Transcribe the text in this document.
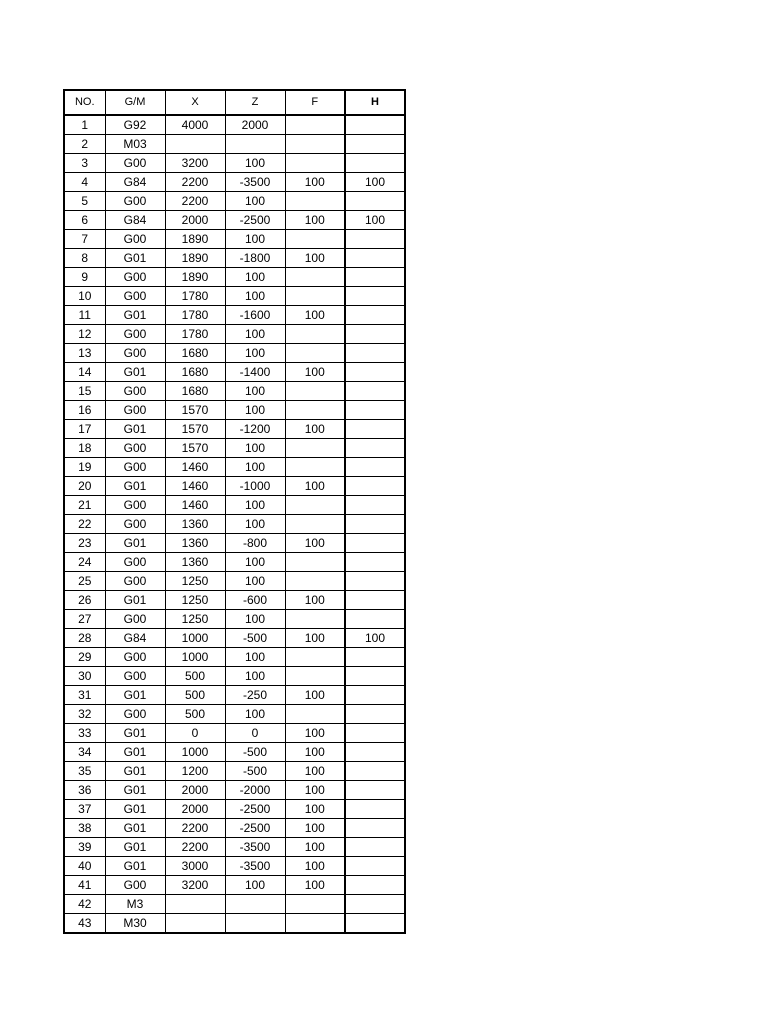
NO.	G/M	X	Z	F	H
1	G92	4000	2000		
2	M03				
3	G00	3200	100		
4	G84	2200	-3500	100	100
5	G00	2200	100		
6	G84	2000	-2500	100	100
7	G00	1890	100		
8	G01	1890	-1800	100	
9	G00	1890	100		
10	G00	1780	100		
11	G01	1780	-1600	100	
12	G00	1780	100		
13	G00	1680	100		
14	G01	1680	-1400	100	
15	G00	1680	100		
16	G00	1570	100		
17	G01	1570	-1200	100	
18	G00	1570	100		
19	G00	1460	100		
20	G01	1460	-1000	100	
21	G00	1460	100		
22	G00	1360	100		
23	G01	1360	-800	100	
24	G00	1360	100		
25	G00	1250	100		
26	G01	1250	-600	100	
27	G00	1250	100		
28	G84	1000	-500	100	100
29	G00	1000	100		
30	G00	500	100		
31	G01	500	-250	100	
32	G00	500	100		
33	G01	0	0	100	
34	G01	1000	-500	100	
35	G01	1200	-500	100	
36	G01	2000	-2000	100	
37	G01	2000	-2500	100	
38	G01	2200	-2500	100	
39	G01	2200	-3500	100	
40	G01	3000	-3500	100	
41	G00	3200	100	100	
42	M3				
43	M30				
